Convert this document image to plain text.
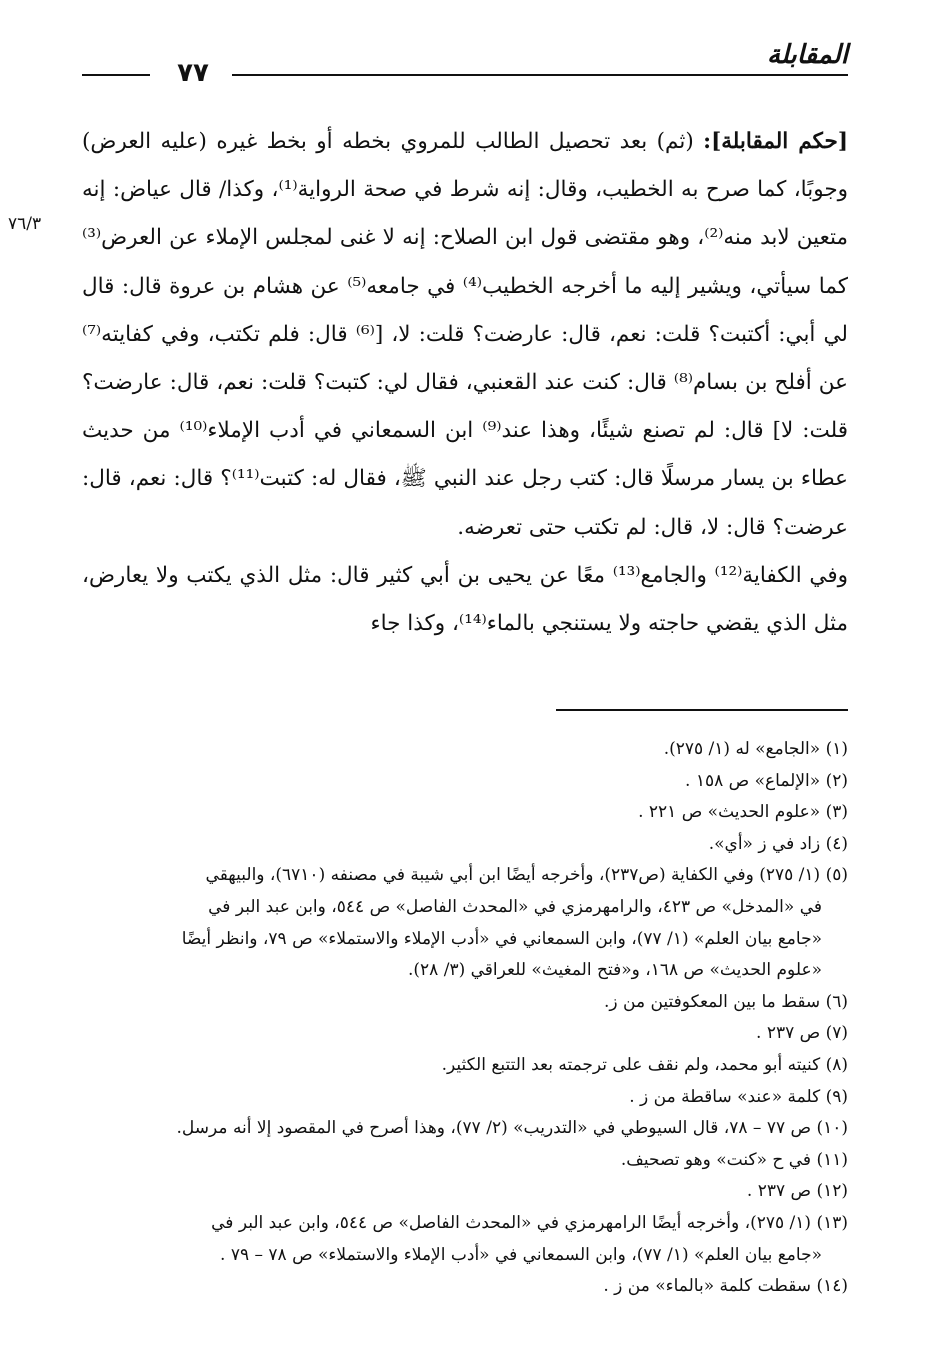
المقابلة
٧٧
٧٦/٣

[حكم المقابلة]: (ثم) بعد تحصيل الطالب للمروي بخطه أو بخط غيره (عليه العرض) وجوبًا، كما صرح به الخطيب، وقال: إنه شرط في صحة الرواية⁽¹⁾، وكذا/ قال عياض: إنه متعين لابد منه⁽²⁾، وهو مقتضى قول ابن الصلاح: إنه لا غنى لمجلس الإملاء عن العرض⁽³⁾ كما سيأتي، ويشير إليه ما أخرجه الخطيب⁽⁴⁾ في جامعه⁽⁵⁾ عن هشام بن عروة قال: قال لي أبي: أكتبت؟ قلت: نعم، قال: عارضت؟ قلت: لا، [⁽⁶⁾ قال: فلم تكتب، وفي كفايته⁽⁷⁾ عن أفلح بن بسام⁽⁸⁾ قال: كنت عند القعنبي، فقال لي: كتبت؟ قلت: نعم، قال: عارضت؟ قلت: لا] قال: لم تصنع شيئًا، وهذا عند⁽⁹⁾ ابن السمعاني في أدب الإملاء⁽¹⁰⁾ من حديث عطاء بن يسار مرسلًا قال: كتب رجل عند النبي ﷺ، فقال له: كتبت⁽¹¹⁾؟ قال: نعم، قال: عرضت؟ قال: لا، قال: لم تكتب حتى تعرضه.

وفي الكفاية⁽¹²⁾ والجامع⁽¹³⁾ معًا عن يحيى بن أبي كثير قال: مثل الذي يكتب ولا يعارض، مثل الذي يقضي حاجته ولا يستنجي بالماء⁽¹⁴⁾، وكذا جاء

(١) «الجامع» له (١/ ٢٧٥).

(٢) «الإلماع» ص ١٥٨ .

(٣) «علوم الحديث» ص ٢٢١ .

(٤) زاد في ز «أي».

(٥) (١/ ٢٧٥) وفي الكفاية (ص٢٣٧)، وأخرجه أيضًا ابن أبي شيبة في مصنفه (٦٧١٠)، والبيهقي

في «المدخل» ص ٤٢٣، والرامهرمزي في «المحدث الفاصل» ص ٥٤٤، وابن عبد البر في

«جامع بيان العلم» (١/ ٧٧)، وابن السمعاني في «أدب الإملاء والاستملاء» ص ٧٩، وانظر أيضًا

«علوم الحديث» ص ١٦٨، و«فتح المغيث» للعراقي (٣/ ٢٨).

(٦) سقط ما بين المعكوفتين من ز.

(٧) ص ٢٣٧ .

(٨) كنيته أبو محمد، ولم نقف على ترجمته بعد التتبع الكثير.

(٩) كلمة «عند» ساقطة من ز .

(١٠) ص ٧٧ – ٧٨، قال السيوطي في «التدريب» (٢/ ٧٧)، وهذا أصرح في المقصود إلا أنه مرسل.

(١١) في ح «كنت» وهو تصحيف.

(١٢) ص ٢٣٧ .

(١٣) (١/ ٢٧٥)، وأخرجه أيضًا الرامهرمزي في «المحدث الفاصل» ص ٥٤٤، وابن عبد البر في

«جامع بيان العلم» (١/ ٧٧)، وابن السمعاني في «أدب الإملاء والاستملاء» ص ٧٨ – ٧٩ .

(١٤) سقطت كلمة «بالماء» من ز .
